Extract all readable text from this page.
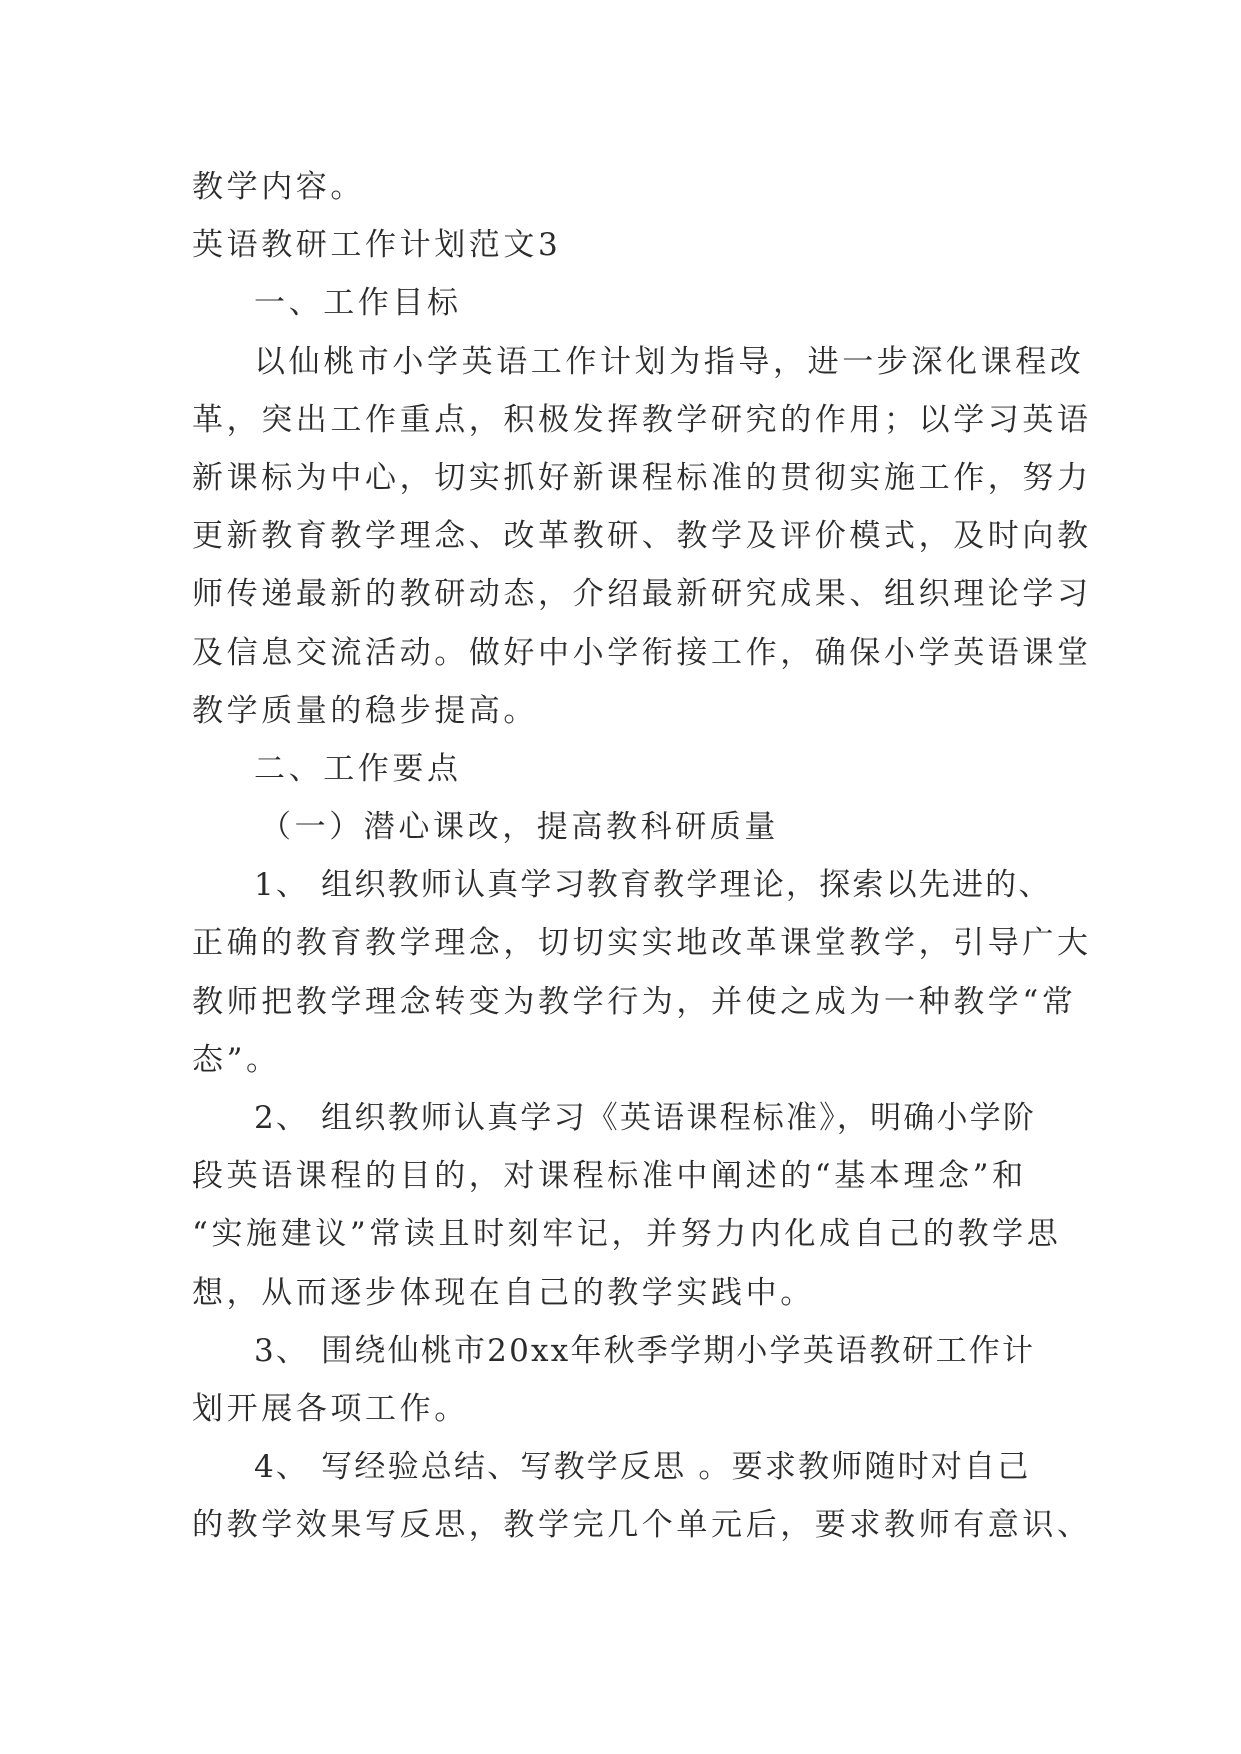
教学内容。
英语教研工作计划范文3
一、工作目标
以仙桃市小学英语工作计划为指导，进一步深化课程改
革，突出工作重点，积极发挥教学研究的作用；以学习英语
新课标为中心，切实抓好新课程标准的贯彻实施工作，努力
更新教育教学理念、改革教研、教学及评价模式，及时向教
师传递最新的教研动态，介绍最新研究成果、组织理论学习
及信息交流活动。做好中小学衔接工作，确保小学英语课堂
教学质量的稳步提高。
二、工作要点
（一）潜心课改，提高教科研质量
1、 组织教师认真学习教育教学理论，探索以先进的、
正确的教育教学理念，切切实实地改革课堂教学，引导广大
教师把教学理念转变为教学行为，并使之成为一种教学“常
态”。
2、 组织教师认真学习《英语课程标准》，明确小学阶
段英语课程的目的，对课程标准中阐述的“基本理念”和
“实施建议”常读且时刻牢记，并努力内化成自己的教学思
想，从而逐步体现在自己的教学实践中。
3、 围绕仙桃市20xx年秋季学期小学英语教研工作计
划开展各项工作。
4、 写经验总结、写教学反思 。要求教师随时对自己
的教学效果写反思，教学完几个单元后，要求教师有意识、
